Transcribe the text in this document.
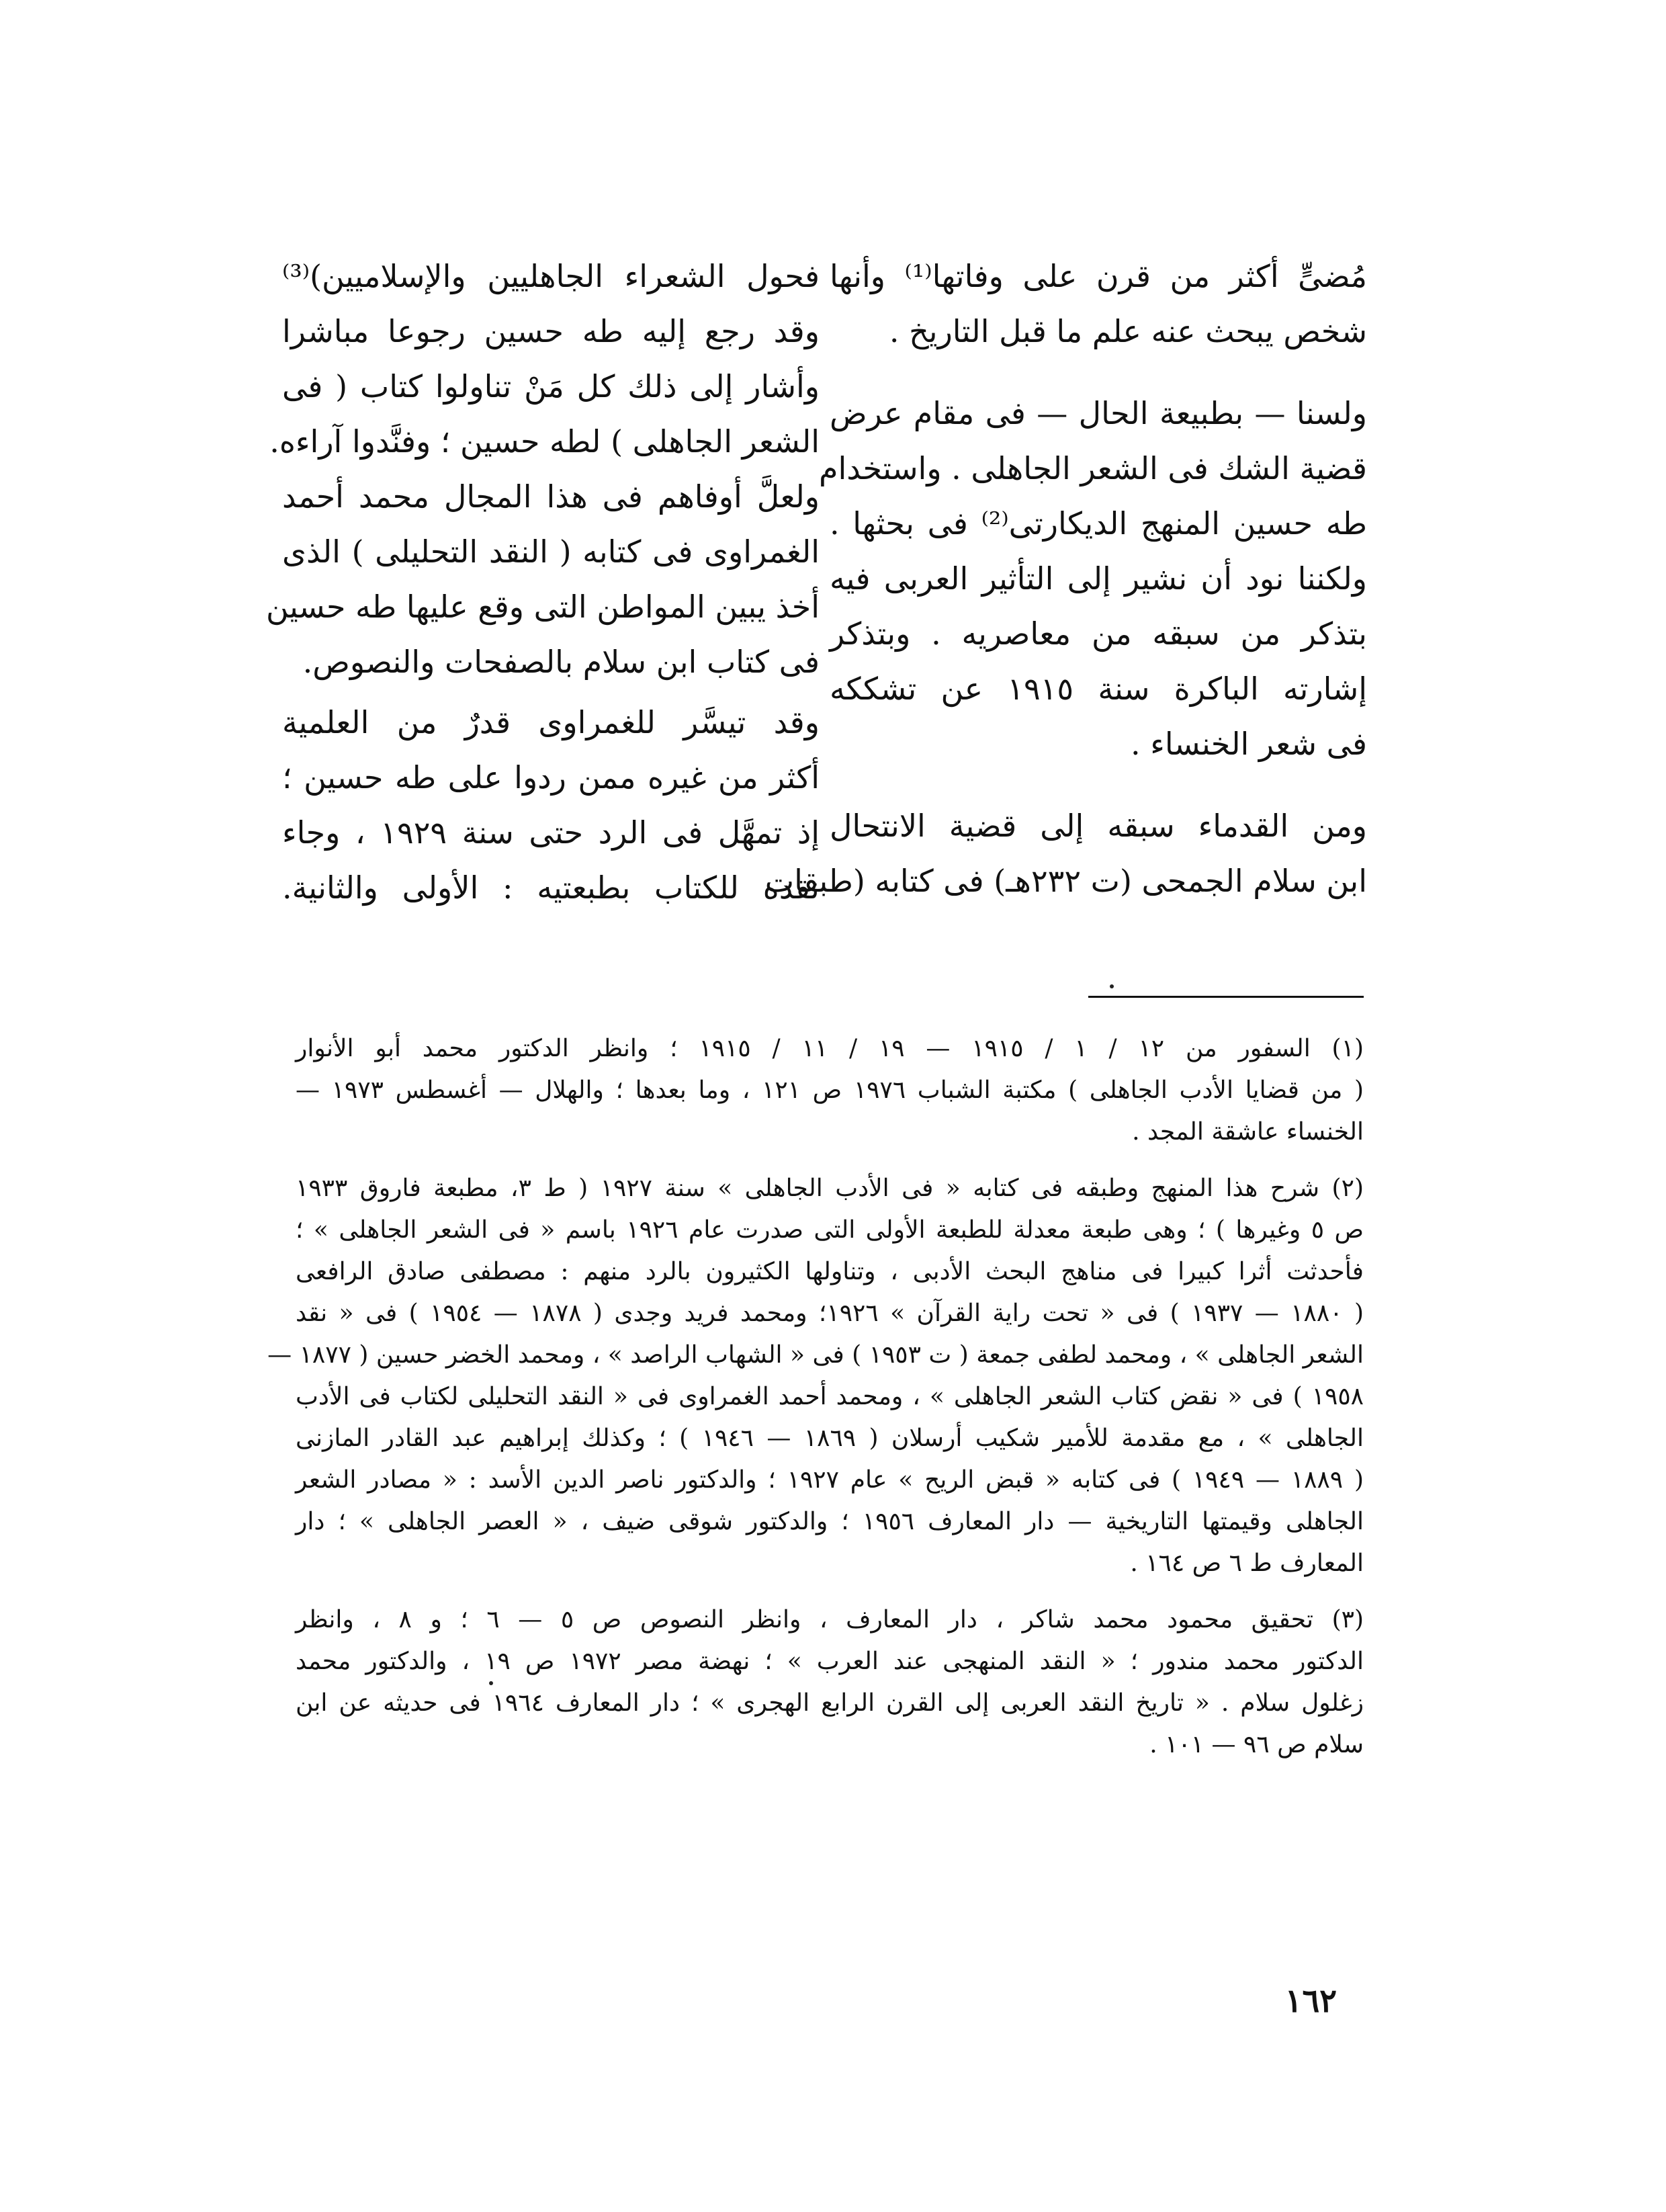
مُضىٍّ أكثر من قرن على وفاتها⁽¹⁾ وأنها
شخص يبحث عنه علم ما قبل التاريخ .

ولسنا — بطبيعة الحال — فى مقام عرض
قضية الشك فى الشعر الجاهلى . واستخدام
طه حسين المنهج الديكارتى⁽²⁾ فى بحثها .
ولكننا نود أن نشير إلى التأثير العربى فيه
بتذكر من سبقه من معاصريه . وبتذكر
إشارته الباكرة سنة ١٩١٥ عن تشككه
فى شعر الخنساء .

ومن القدماء سبقه إلى قضية الانتحال
ابن سلام الجمحى (ت ٢٣٢هـ) فى كتابه (طبقات

فحول الشعراء الجاهليين والإسلاميين)⁽³⁾
وقد رجع إليه طه حسين رجوعا مباشرا
وأشار إلى ذلك كل مَنْ تناولوا كتاب ( فى
الشعر الجاهلى ) لطه حسين ؛ وفنَّدوا آراءه.
ولعلَّ أوفاهم فى هذا المجال محمد أحمد
الغمراوى فى كتابه ( النقد التحليلى ) الذى
أخذ يبين المواطن التى وقع عليها طه حسين
فى كتاب ابن سلام بالصفحات والنصوص.

وقد تيسَّر للغمراوى قدرٌ من العلمية
أكثر من غيره ممن ردوا على طه حسين ؛
إذ تمهَّل فى الرد حتى سنة ١٩٢٩ ، وجاء
نقده للكتاب بطبعتيه : الأولى والثانية.

(١) السفور من ١٢ / ١ / ١٩١٥ — ١٩ / ١١ / ١٩١٥ ؛ وانظر الدكتور محمد أبو الأنوار
( من قضايا الأدب الجاهلى ) مكتبة الشباب ١٩٧٦ ص ١٢١ ، وما بعدها ؛ والهلال — أغسطس ١٩٧٣ —
الخنساء عاشقة المجد .
(٢) شرح هذا المنهج وطبقه فى كتابه « فى الأدب الجاهلى » سنة ١٩٢٧ ( ط ٣، مطبعة فاروق ١٩٣٣
ص ٥ وغيرها ) ؛ وهى طبعة معدلة للطبعة الأولى التى صدرت عام ١٩٢٦ باسم « فى الشعر الجاهلى » ؛
فأحدثت أثرا كبيرا فى مناهج البحث الأدبى ، وتناولها الكثيرون بالرد منهم : مصطفى صادق الرافعى
( ١٨٨٠ — ١٩٣٧ ) فى « تحت راية القرآن » ١٩٢٦؛ ومحمد فريد وجدى ( ١٨٧٨ — ١٩٥٤ ) فى « نقد
الشعر الجاهلى » ، ومحمد لطفى جمعة ( ت ١٩٥٣ ) فى « الشهاب الراصد » ، ومحمد الخضر حسين ( ١٨٧٧ —
١٩٥٨ ) فى « نقض كتاب الشعر الجاهلى » ، ومحمد أحمد الغمراوى فى « النقد التحليلى لكتاب فى الأدب
الجاهلى » ، مع مقدمة للأمير شكيب أرسلان ( ١٨٦٩ — ١٩٤٦ ) ؛ وكذلك إبراهيم عبد القادر المازنى
( ١٨٨٩ — ١٩٤٩ ) فى كتابه « قبض الريح » عام ١٩٢٧ ؛ والدكتور ناصر الدين الأسد : « مصادر الشعر
الجاهلى وقيمتها التاريخية — دار المعارف ١٩٥٦ ؛ والدكتور شوقى ضيف ، « العصر الجاهلى » ؛ دار
المعارف ط ٦ ص ١٦٤ .
(٣) تحقيق محمود محمد شاكر ، دار المعارف ، وانظر النصوص ص ٥ — ٦ ؛ و ٨ ، وانظر
الدكتور محمد مندور ؛ « النقد المنهجى عند العرب » ؛ نهضة مصر ١٩٧٢ ص ١٩ ، والدكتور محمد
زغلول سلام . « تاريخ النقد العربى إلى القرن الرابع الهجرى » ؛ دار المعارف ١٩٦٤ فى حديثه عن ابن
سلام ص ٩٦ — ١٠١ .
١٦٢
